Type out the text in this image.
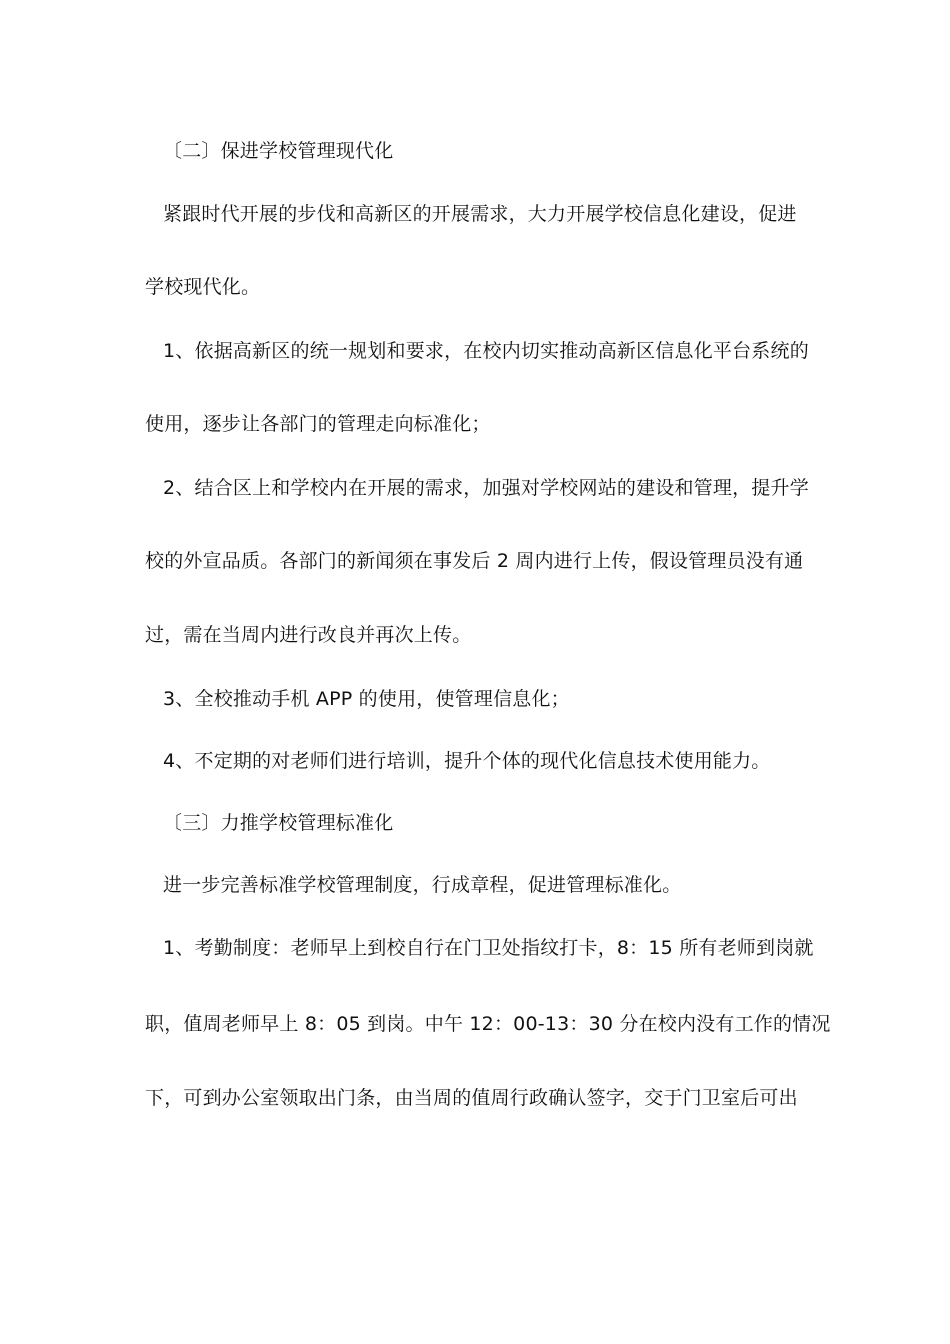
〔二〕保进学校管理现代化
紧跟时代开展的步伐和高新区的开展需求，大力开展学校信息化建设，促进
学校现代化。
1、依据高新区的统一规划和要求，在校内切实推动高新区信息化平台系统的
使用，逐步让各部门的管理走向标准化；
2、结合区上和学校内在开展的需求，加强对学校网站的建设和管理，提升学
校的外宣品质。各部门的新闻须在事发后 2 周内进行上传，假设管理员没有通
过，需在当周内进行改良并再次上传。
3、全校推动手机 APP 的使用，使管理信息化；
4、不定期的对老师们进行培训，提升个体的现代化信息技术使用能力。
〔三〕力推学校管理标准化
进一步完善标准学校管理制度，行成章程，促进管理标准化。
1、考勤制度：老师早上到校自行在门卫处指纹打卡，8：15 所有老师到岗就
职，值周老师早上 8：05 到岗。中午 12：00-13：30 分在校内没有工作的情况
下，可到办公室领取出门条，由当周的值周行政确认签字，交于门卫室后可出
